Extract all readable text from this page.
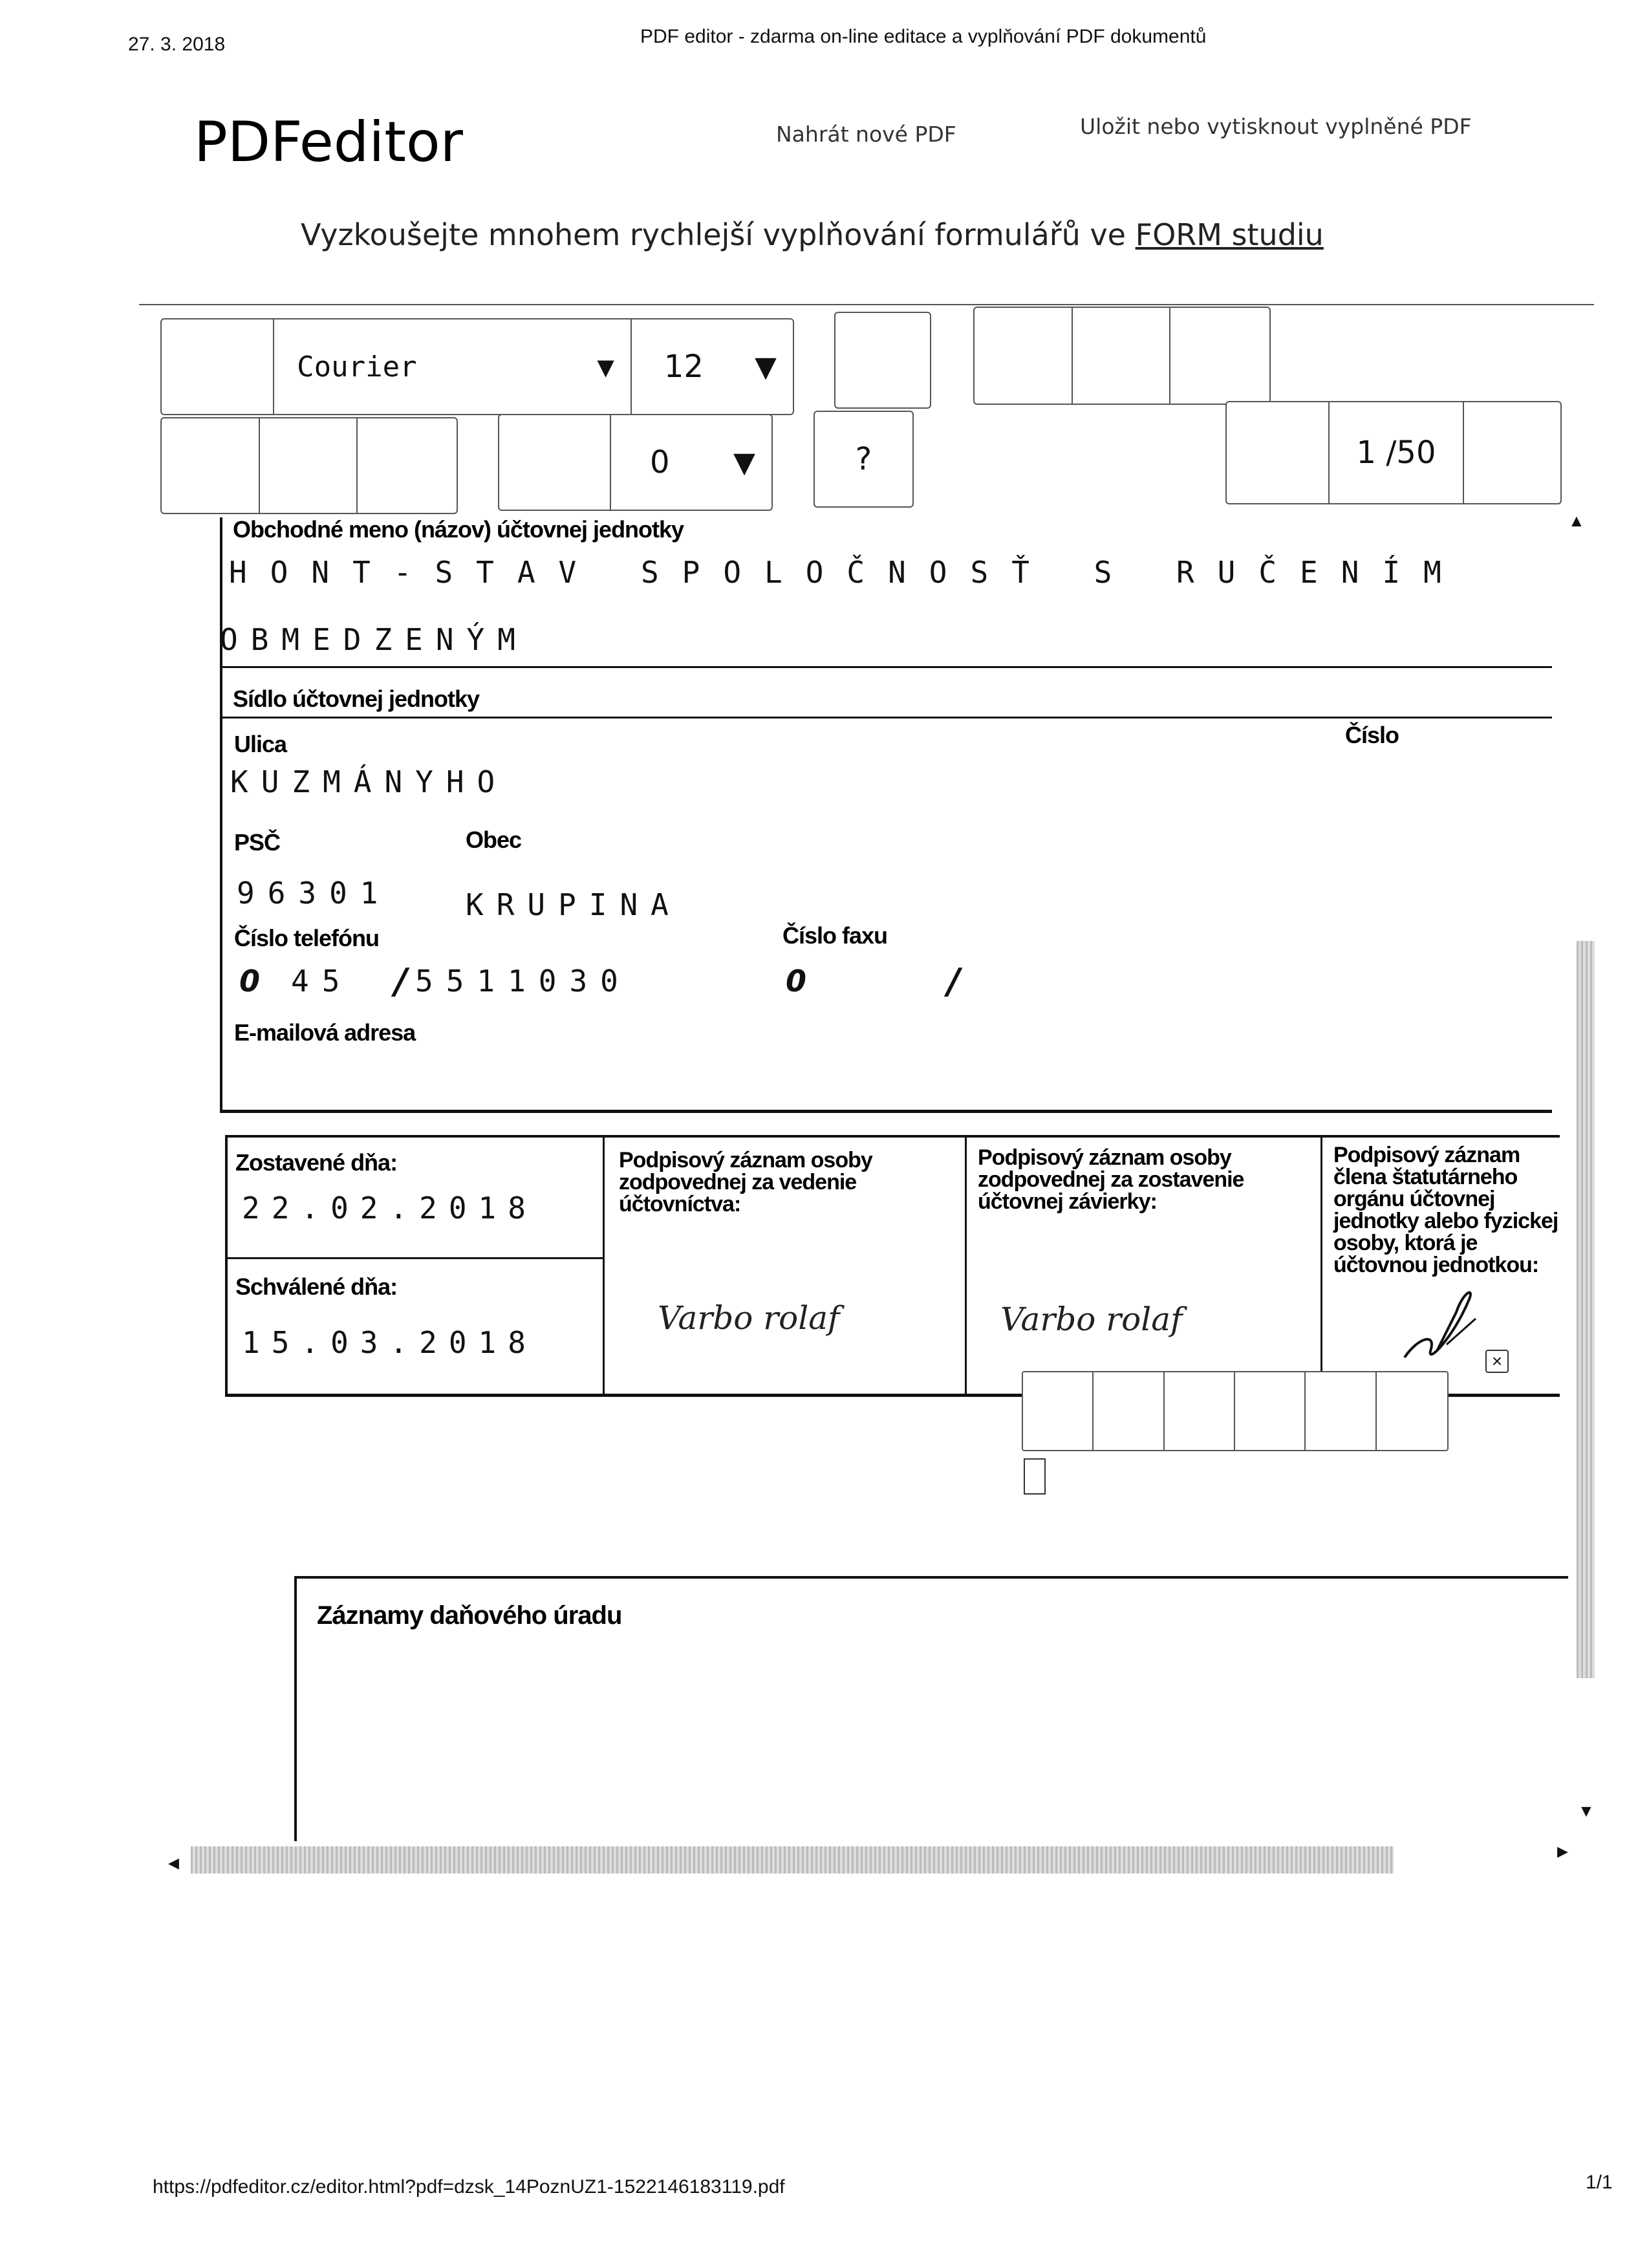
27. 3. 2018	PDF editor - zdarma on-line editace a vyplňování PDF dokumentů
https://pdfeditor.cz/editor.html?pdf=dzsk_14PoznUZ1-1522146183119.pdf	1/1
PDFeditor	Nahrát nové PDF	Uložit nebo vytisknout vyplněné PDF
Vyzkoušejte mnohem rychlejší vyplňování formulářů ve FORM studiu
Courier	▼ 12 ▼
0 ▼	?	1 /50
Obchodné meno (názov) účtovnej jednotky
HONT-STAV SPOLOČNOSŤ S RUČENÍM
OBMEDZENÝM
Sídlo účtovnej jednotky
Ulica	Číslo
KUZMÁNYHO
PSČ	Obec
96301	KRUPINA
Číslo telefónu	Číslo faxu
0 45 / 5511030	0	/
E-mailová adresa
Zostavené dňa:
22.02.2018
Schválené dňa:
15.03.2018
Podpisový záznam osoby zodpovednej za vedenie účtovníctva:
Varbo rolaf
Podpisový záznam osoby zodpovednej za zostavenie účtovnej závierky:
Varbo rolaf
Podpisový záznam člena štatutárneho orgánu účtovnej jednotky alebo fyzickej osoby, ktorá je účtovnou jednotkou:
×
Záznamy daňového úradu
▲
▼
◀
▶
